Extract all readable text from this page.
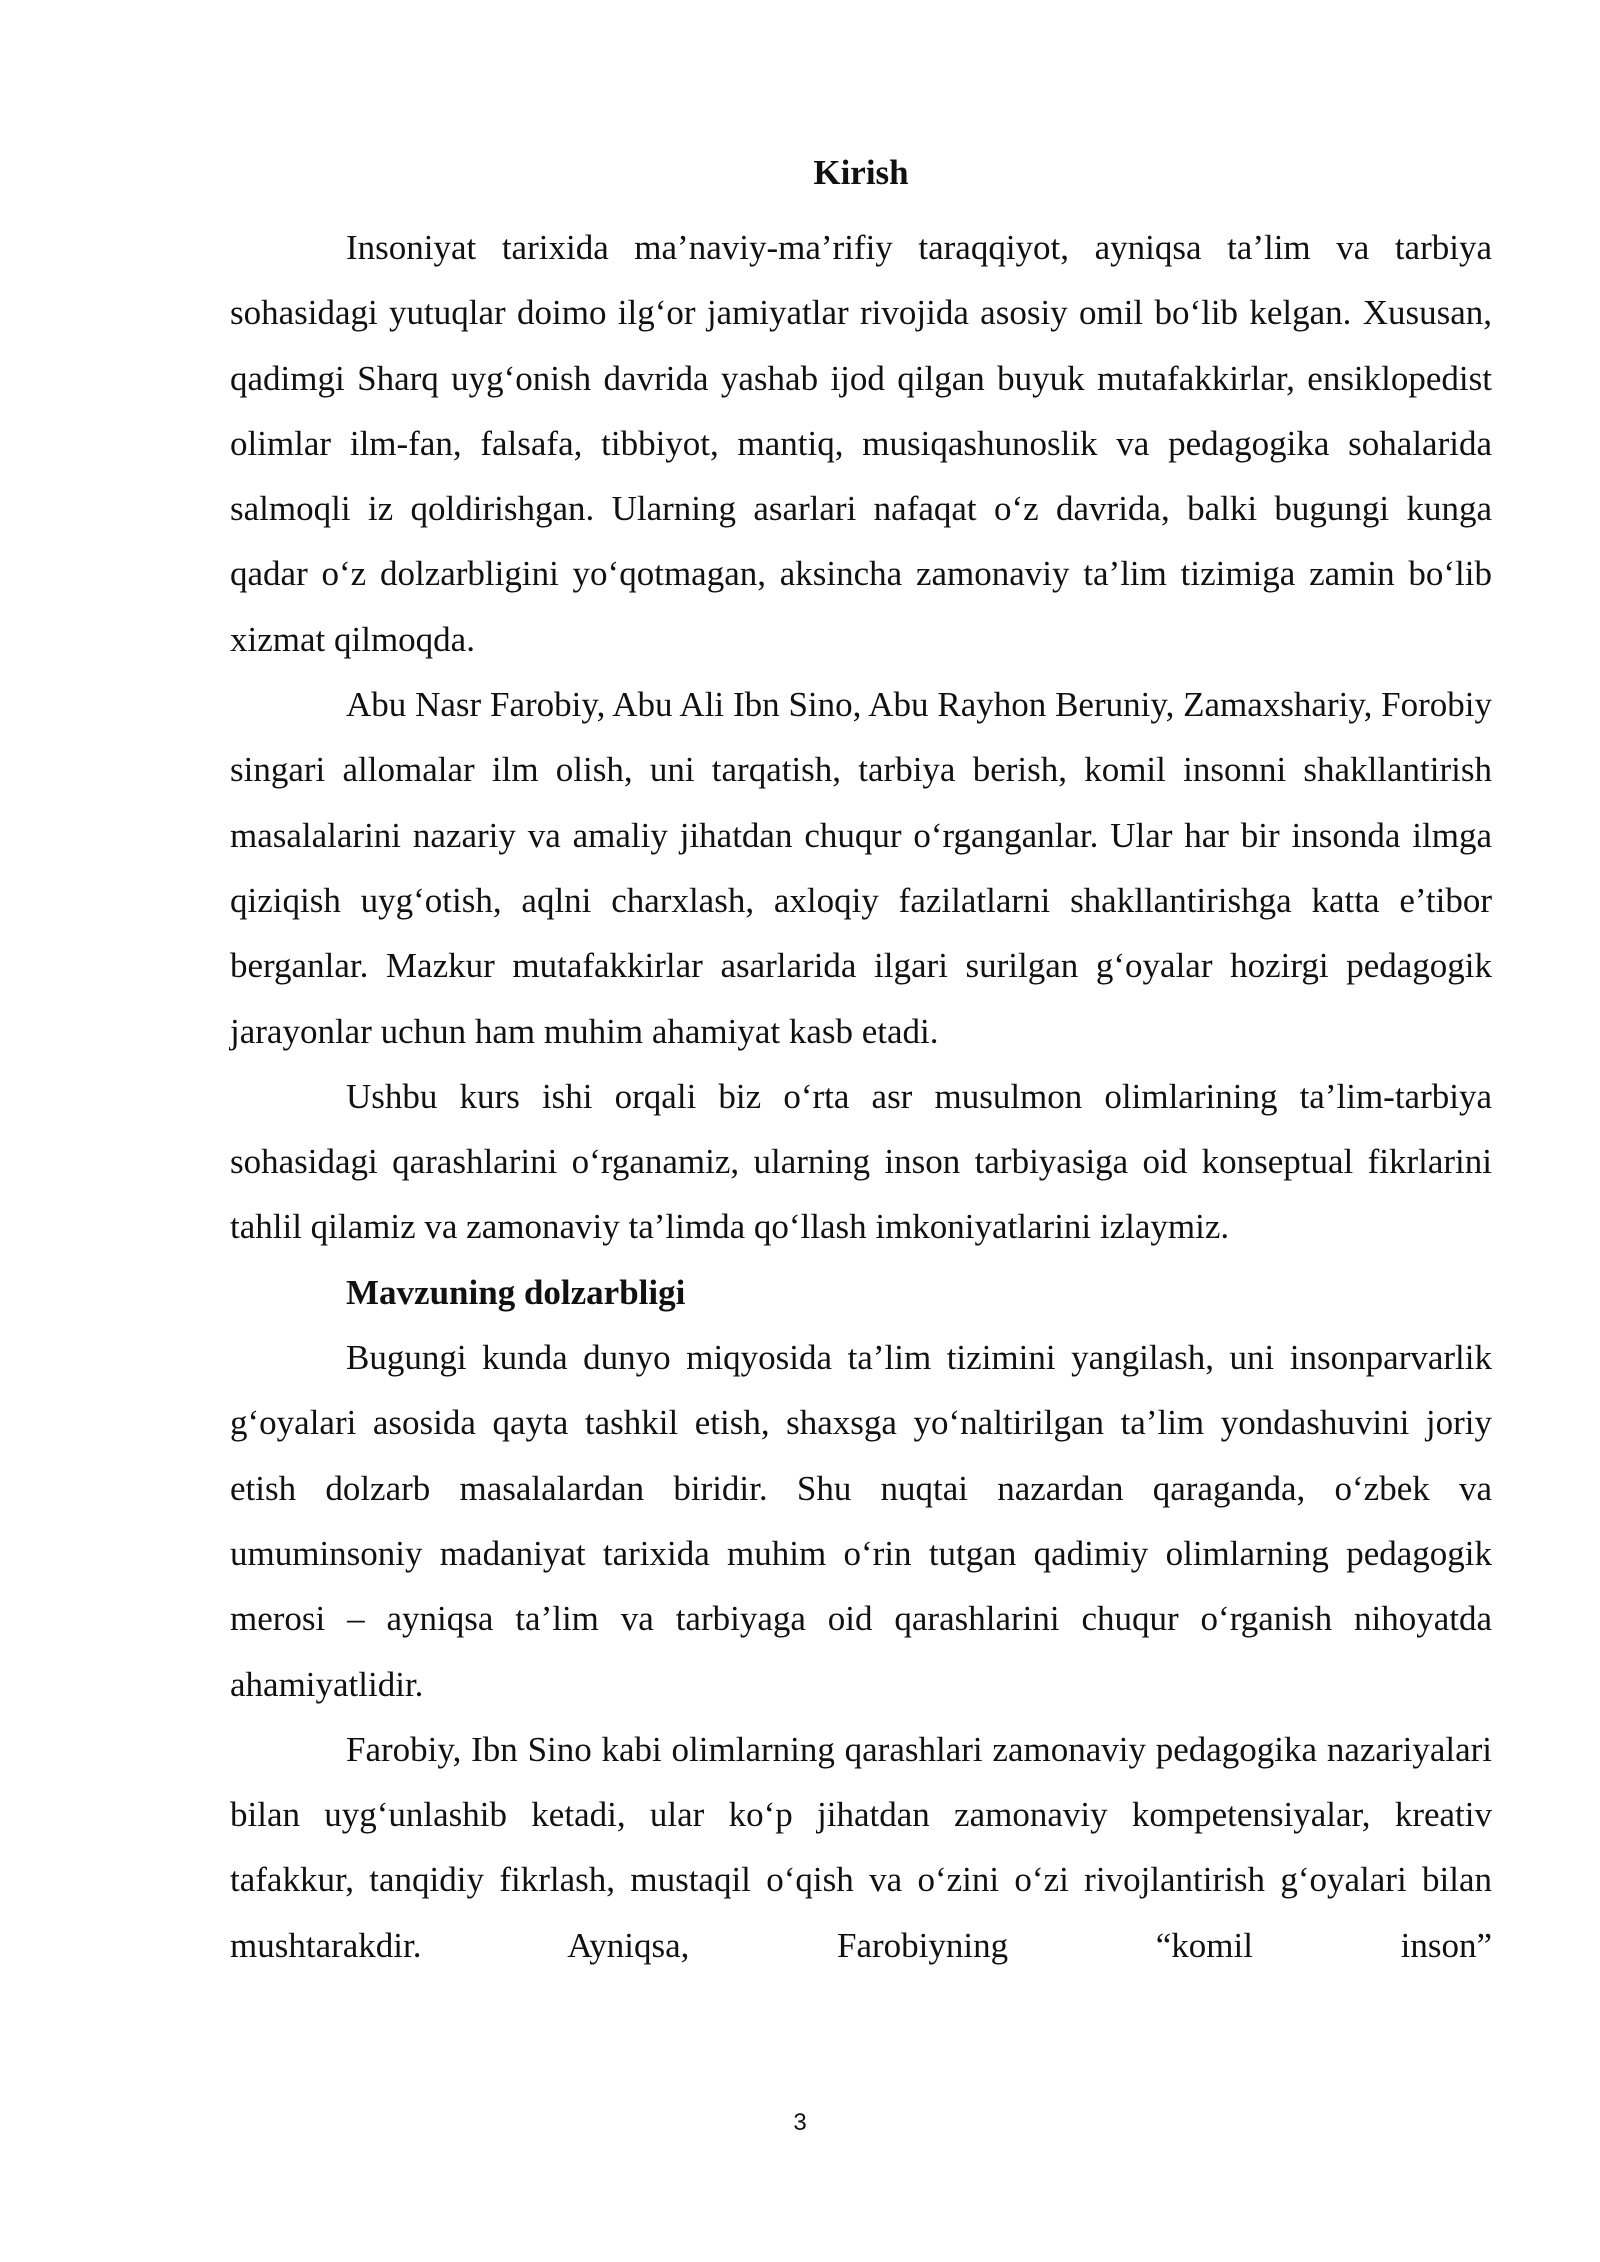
Kirish

Insoniyat tarixida ma’naviy-ma’rifiy taraqqiyot, ayniqsa ta’lim va tarbiya sohasidagi yutuqlar doimo ilg‘or jamiyatlar rivojida asosiy omil bo‘lib kelgan. Xususan, qadimgi Sharq uyg‘onish davrida yashab ijod qilgan buyuk mutafakkirlar, ensiklopedist olimlar ilm-fan, falsafa, tibbiyot, mantiq, musiqashunoslik va pedagogika sohalarida salmoqli iz qoldirishgan. Ularning asarlari nafaqat o‘z davrida, balki bugungi kunga qadar o‘z dolzarbligini yo‘qotmagan, aksincha zamonaviy ta’lim tizimiga zamin bo‘lib xizmat qilmoqda.

Abu Nasr Farobiy, Abu Ali Ibn Sino, Abu Rayhon Beruniy, Zamaxshariy, Forobiy singari allomalar ilm olish, uni tarqatish, tarbiya berish, komil insonni shakllantirish masalalarini nazariy va amaliy jihatdan chuqur o‘rganganlar. Ular har bir insonda ilmga qiziqish uyg‘otish, aqlni charxlash, axloqiy fazilatlarni shakllantirishga katta e’tibor berganlar. Mazkur mutafakkirlar asarlarida ilgari surilgan g‘oyalar hozirgi pedagogik jarayonlar uchun ham muhim ahamiyat kasb etadi.

Ushbu kurs ishi orqali biz o‘rta asr musulmon olimlarining ta’lim-tarbiya sohasidagi qarashlarini o‘rganamiz, ularning inson tarbiyasiga oid konseptual fikrlarini tahlil qilamiz va zamonaviy ta’limda qo‘llash imkoniyatlarini izlaymiz.

Mavzuning dolzarbligi

Bugungi kunda dunyo miqyosida ta’lim tizimini yangilash, uni insonparvarlik g‘oyalari asosida qayta tashkil etish, shaxsga yo‘naltirilgan ta’lim yondashuvini joriy etish dolzarb masalalardan biridir. Shu nuqtai nazardan qaraganda, o‘zbek va umuminsoniy madaniyat tarixida muhim o‘rin tutgan qadimiy olimlarning pedagogik merosi – ayniqsa ta’lim va tarbiyaga oid qarashlarini chuqur o‘rganish nihoyatda ahamiyatlidir.

Farobiy, Ibn Sino kabi olimlarning qarashlari zamonaviy pedagogika nazariyalari bilan uyg‘unlashib ketadi, ular ko‘p jihatdan zamonaviy kompetensiyalar, kreativ tafakkur, tanqidiy fikrlash, mustaqil o‘qish va o‘zini o‘zi rivojlantirish g‘oyalari bilan mushtarakdir. Ayniqsa, Farobiyning “komil inson”

3
